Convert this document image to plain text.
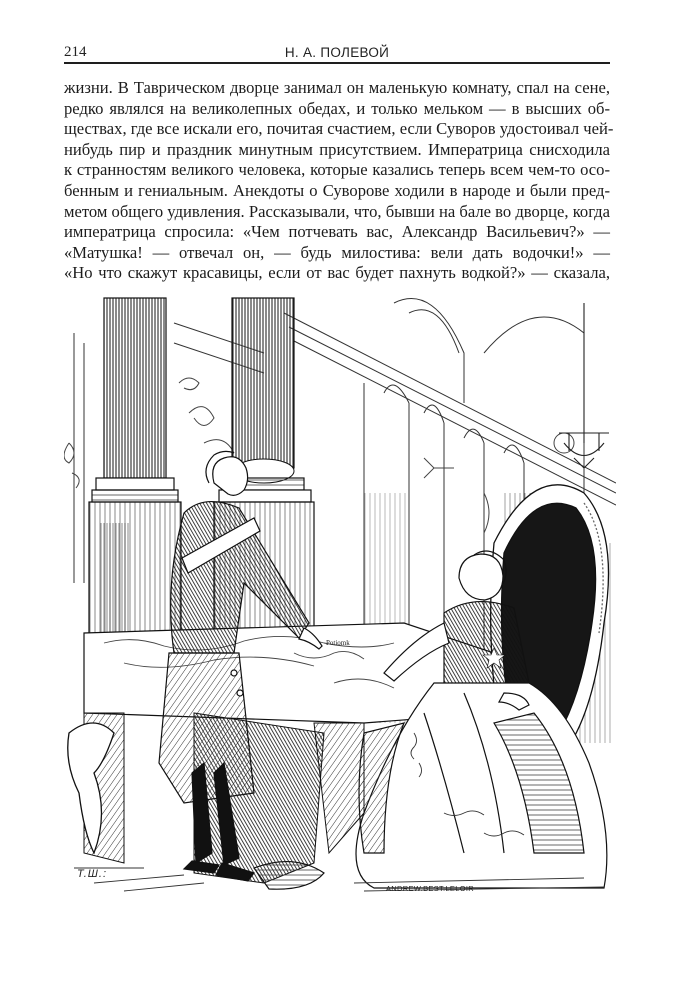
214	Н. А. ПОЛЕВОЙ
жизни. В Таврическом дворце занимал он маленькую комнату, спал на сене,
редко являлся на великолепных обедах, и только мельком — в высших об-
ществах, где все искали его, почитая счастием, если Суворов удостоивал чей-
нибудь пир и праздник минутным присутствием. Императрица снисходила
к странностям великого человека, которые казались теперь всем чем-то осо-
бенным и гениальным. Анекдоты о Суворове ходили в народе и были пред-
метом общего удивления. Рассказывали, что, бывши на бале во дворце, когда
императрица спросила: «Чем потчевать вас, Александр Васильевич?» —
«Матушка! — отвечал он, — будь милостива: вели дать водочки!» —
«Но что скажут красавицы, если от вас будет пахнуть водкой?» — сказала,
Potiomk
Т.Ш.:
ANDREW.BEST.LELOIR
